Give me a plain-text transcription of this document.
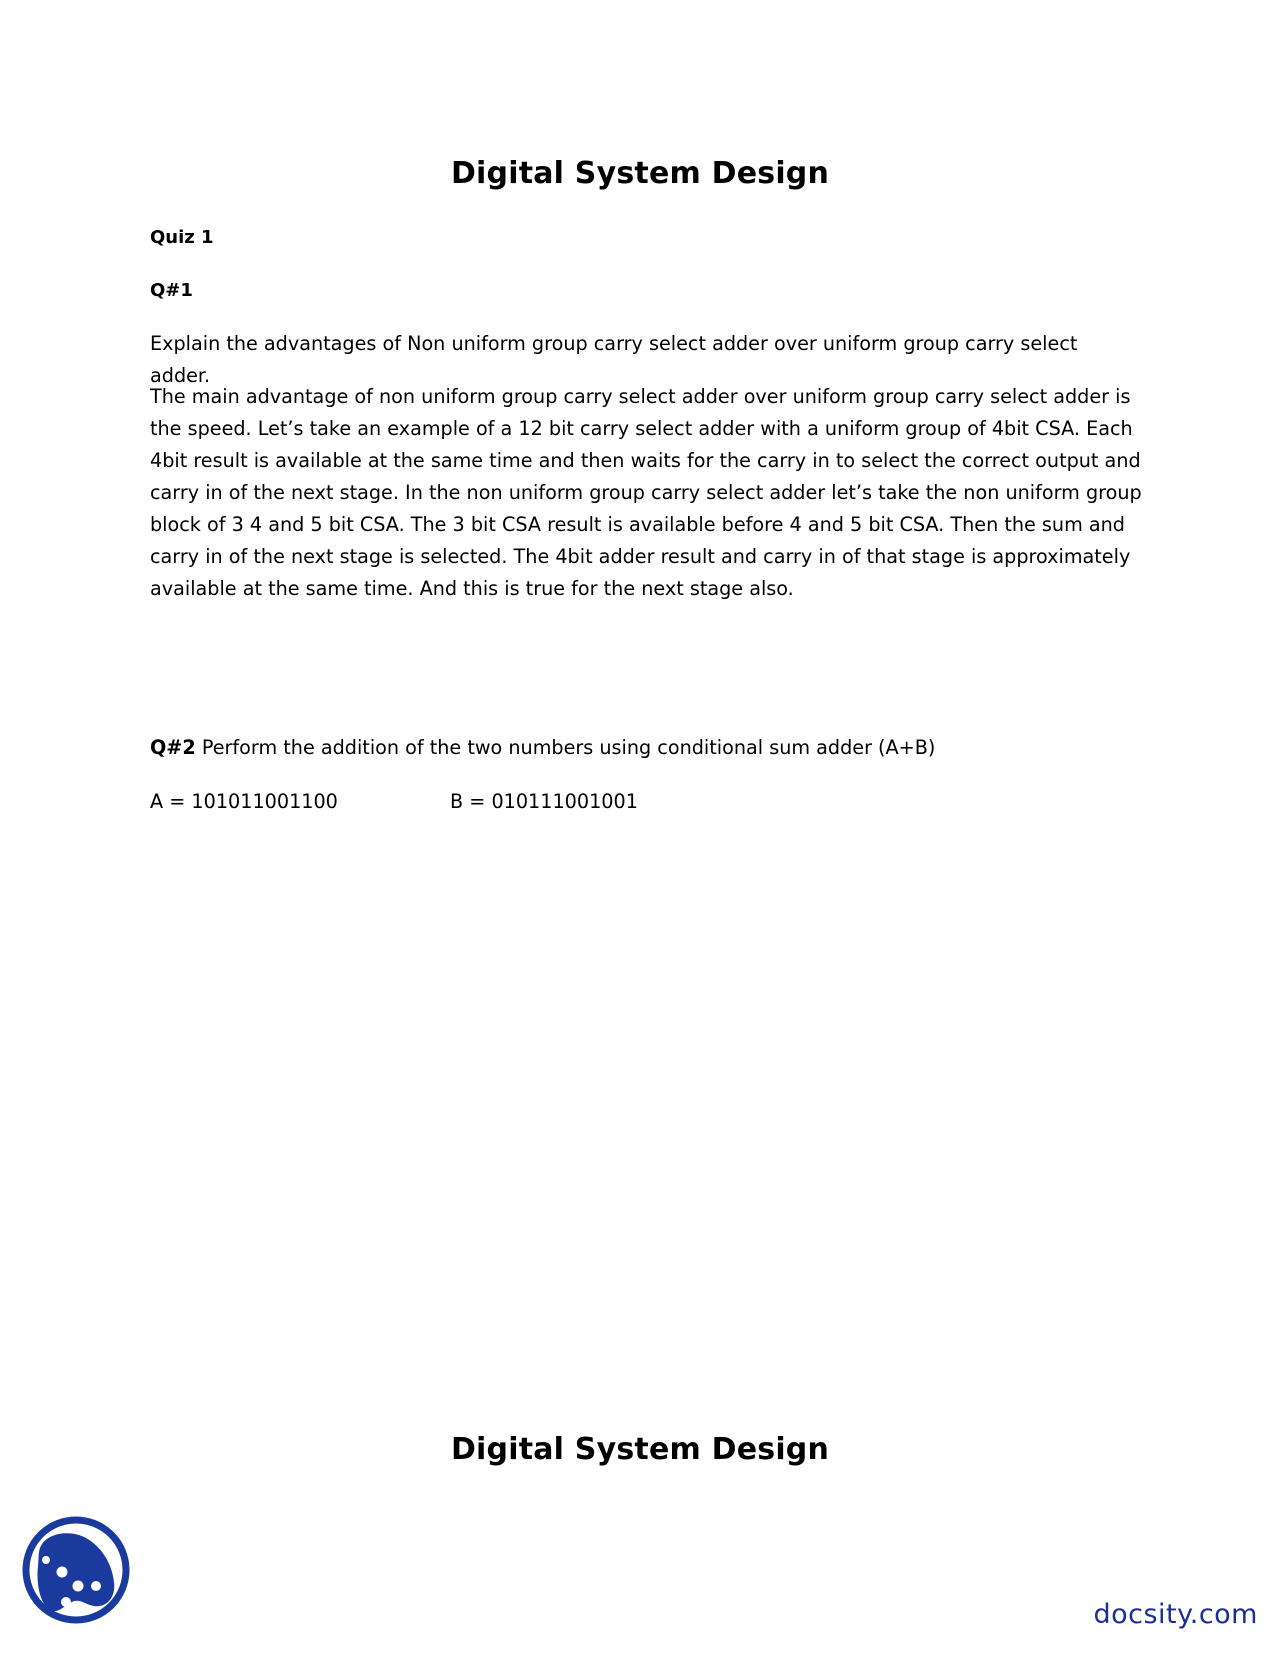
Digital System Design
Quiz 1
Q#1
Explain the advantages of Non uniform group carry select adder over uniform group carry select adder.
The main advantage of non uniform group carry select adder over uniform group carry select adder is
the speed. Let’s take an example of a 12 bit carry select adder with a uniform group of 4bit CSA. Each
4bit result is available at the same time and then waits for the carry in to select the correct output and
carry in of the next stage. In the non uniform group carry select adder let’s take the non uniform group
block of 3 4 and 5 bit CSA. The 3 bit CSA result is available before 4 and 5 bit CSA. Then the sum and
carry in of the next stage is selected. The 4bit adder result and carry in of that stage is approximately
available at the same time. And this is true for the next stage also.
Q#2 Perform the addition of the two numbers using conditional sum adder (A+B)
A = 101011001100	B = 010111001001
Digital System Design
docsity.com
